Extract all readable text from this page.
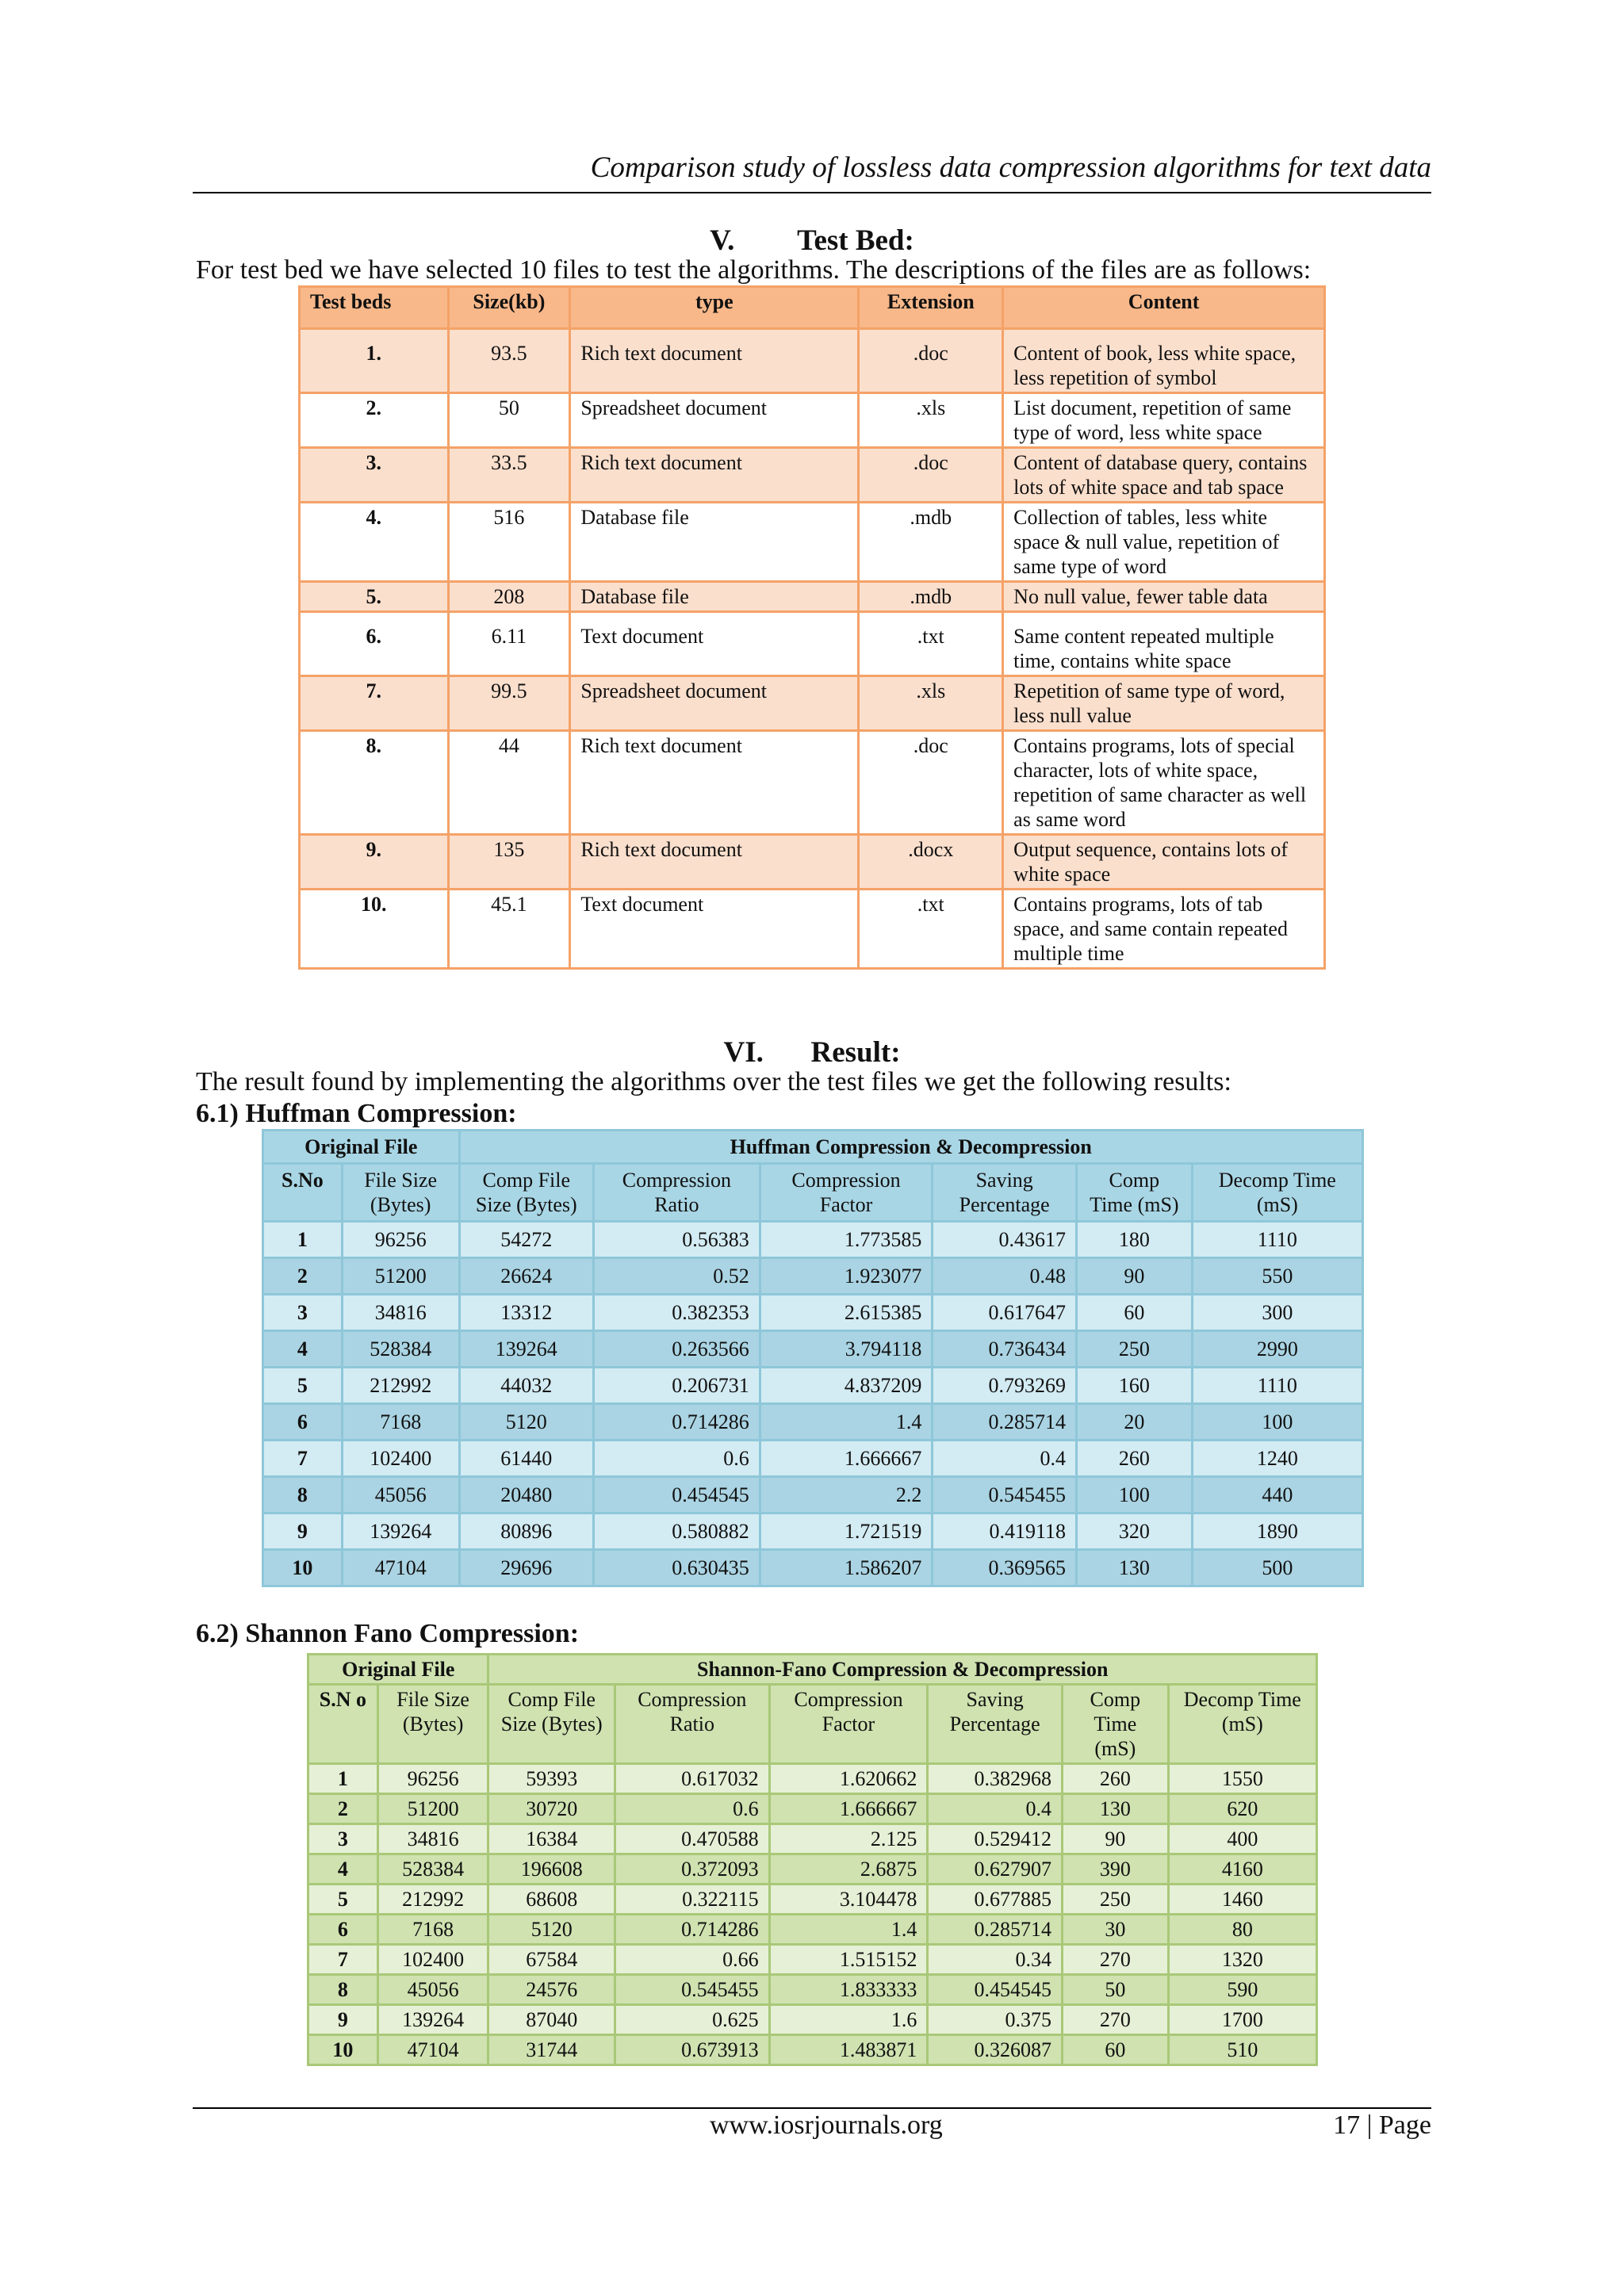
Comparison study of lossless data compression algorithms for text data
V. Test Bed:
For test bed we have selected 10 files to test the algorithms. The descriptions of the files are as follows:
Test beds	Size(kb)	type	Extension	Content
1.	93.5	Rich text document	.doc	Content of book, less white space, less repetition of symbol
2.	50	Spreadsheet document	.xls	List document, repetition of same type of word, less white space
3.	33.5	Rich text document	.doc	Content of database query, contains lots of white space and tab space
4.	516	Database file	.mdb	Collection of tables, less white space & null value, repetition of same type of word
5.	208	Database file	.mdb	No null value, fewer table data
6.	6.11	Text document	.txt	Same content repeated multiple time, contains white space
7.	99.5	Spreadsheet document	.xls	Repetition of same type of word, less null value
8.	44	Rich text document	.doc	Contains programs, lots of special character, lots of white space, repetition of same character as well as same word
9.	135	Rich text document	.docx	Output sequence, contains lots of white space
10.	45.1	Text document	.txt	Contains programs, lots of tab space, and same contain repeated multiple time
VI. Result:
The result found by implementing the algorithms over the test files we get the following results:
6.1) Huffman Compression:
Original File		Huffman Compression & Decompression					
S.No	File Size (Bytes)	Comp File Size (Bytes)	Compression Ratio	Compression Factor	Saving Percentage	Comp Time (mS)	Decomp Time (mS)
1	96256	54272	0.56383	1.773585	0.43617	180	1110
2	51200	26624	0.52	1.923077	0.48	90	550
3	34816	13312	0.382353	2.615385	0.617647	60	300
4	528384	139264	0.263566	3.794118	0.736434	250	2990
5	212992	44032	0.206731	4.837209	0.793269	160	1110
6	7168	5120	0.714286	1.4	0.285714	20	100
7	102400	61440	0.6	1.666667	0.4	260	1240
8	45056	20480	0.454545	2.2	0.545455	100	440
9	139264	80896	0.580882	1.721519	0.419118	320	1890
10	47104	29696	0.630435	1.586207	0.369565	130	500
6.2) Shannon Fano Compression:
Original File		Shannon-Fano Compression & Decompression					
S.N o	File Size (Bytes)	Comp File Size (Bytes)	Compression Ratio	Compression Factor	Saving Percentage	Comp Time (mS)	Decomp Time (mS)
1	96256	59393	0.617032	1.620662	0.382968	260	1550
2	51200	30720	0.6	1.666667	0.4	130	620
3	34816	16384	0.470588	2.125	0.529412	90	400
4	528384	196608	0.372093	2.6875	0.627907	390	4160
5	212992	68608	0.322115	3.104478	0.677885	250	1460
6	7168	5120	0.714286	1.4	0.285714	30	80
7	102400	67584	0.66	1.515152	0.34	270	1320
8	45056	24576	0.545455	1.833333	0.454545	50	590
9	139264	87040	0.625	1.6	0.375	270	1700
10	47104	31744	0.673913	1.483871	0.326087	60	510
www.iosrjournals.org	17 | Page
